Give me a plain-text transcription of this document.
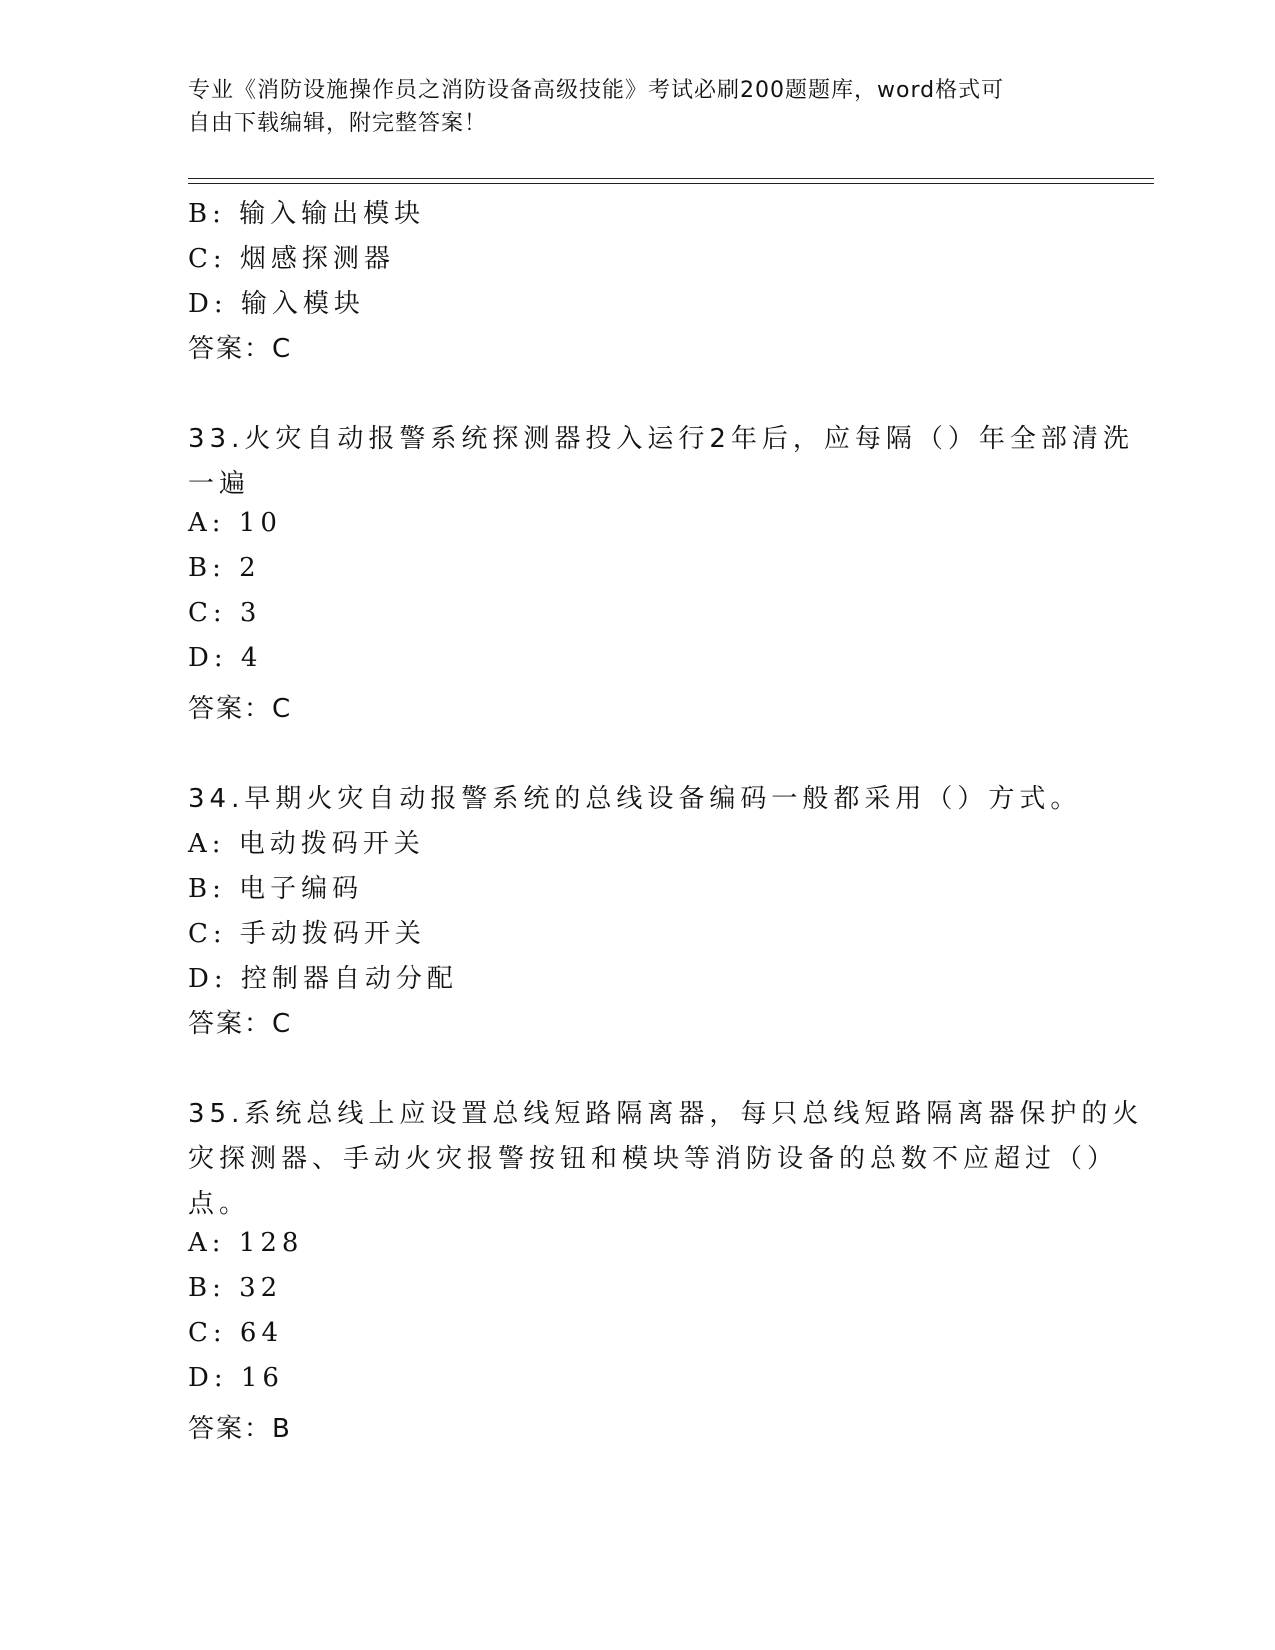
专业《消防设施操作员之消防设备高级技能》考试必刷200题题库，word格式可
自由下载编辑，附完整答案！
B: 输入输出模块
C: 烟感探测器
D: 输入模块
答案：C
33.火灾自动报警系统探测器投入运行2年后，应每隔（）年全部清洗
一遍
A: 10
B: 2
C: 3
D: 4
答案：C
34.早期火灾自动报警系统的总线设备编码一般都采用（）方式。
A: 电动拨码开关
B: 电子编码
C: 手动拨码开关
D: 控制器自动分配
答案：C
35.系统总线上应设置总线短路隔离器，每只总线短路隔离器保护的火
灾探测器、手动火灾报警按钮和模块等消防设备的总数不应超过（）
点。
A: 128
B: 32
C: 64
D: 16
答案：B
